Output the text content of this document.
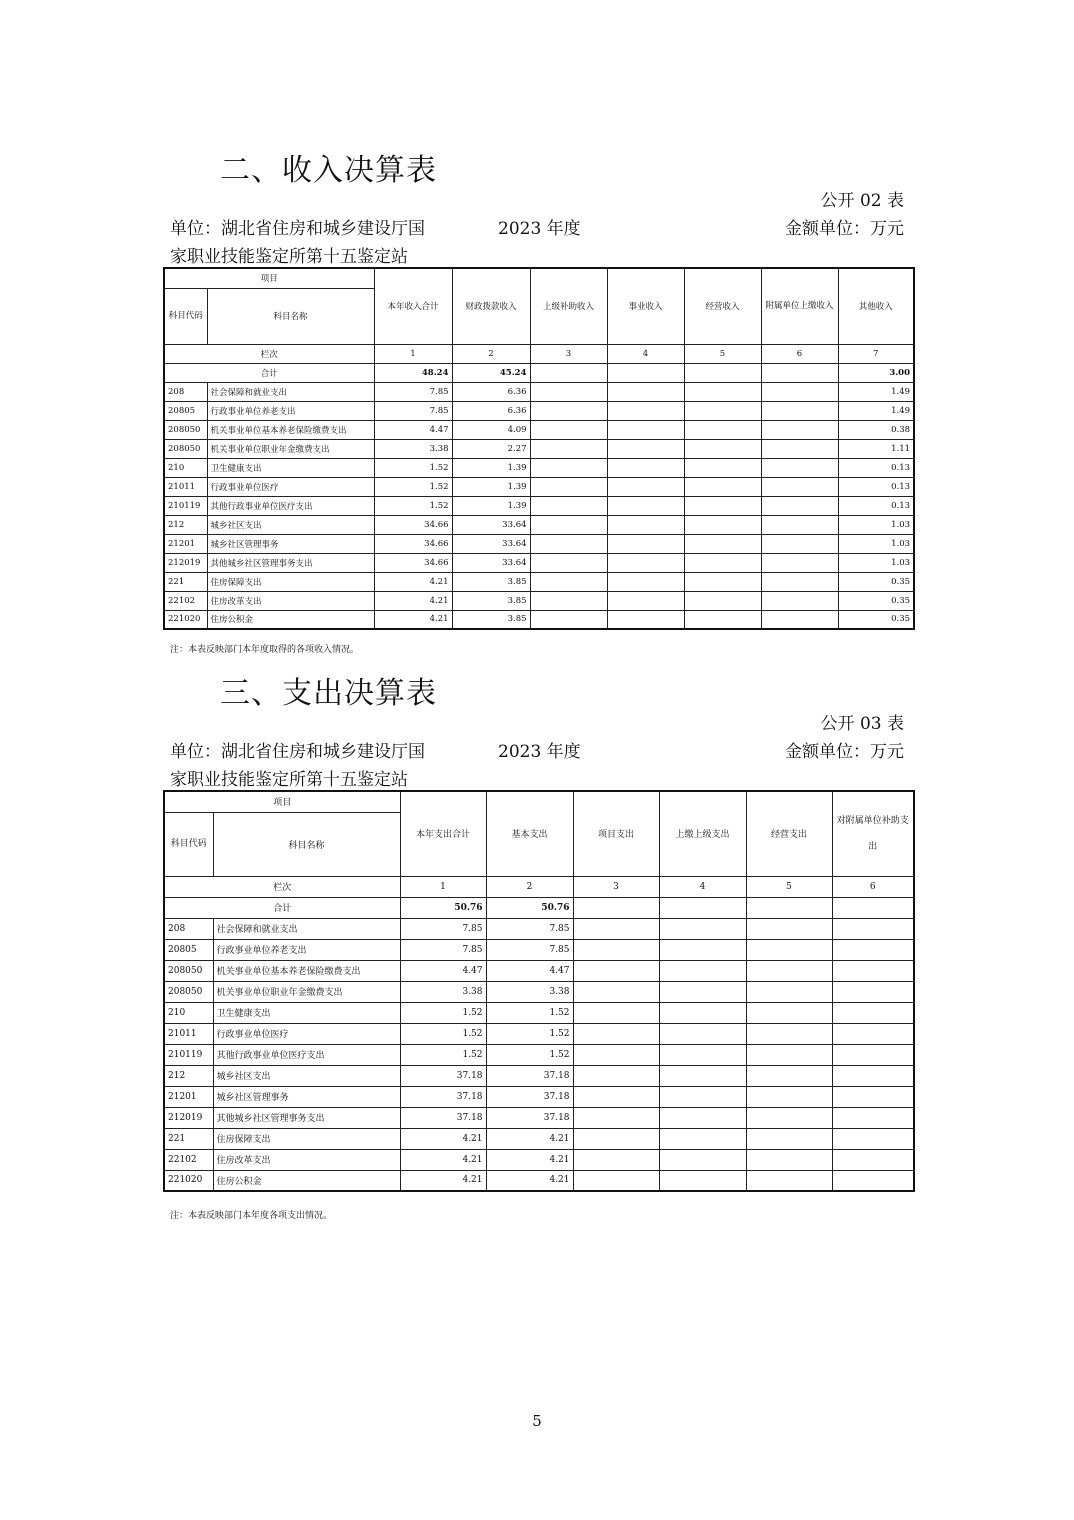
二、收入决算表
公开 02 表
单位：湖北省住房和城乡建设厅国	2023 年度	金额单位：万元
家职业技能鉴定所第十五鉴定站
项目		本年收入合计	财政拨款收入	上级补助收入	事业收入	经营收入	附属单位上缴收入	其他收入
科目代码	科目名称							
栏次		1	2	3	4	5	6	7
合计		48.24	45.24					3.00
208	社会保障和就业支出	7.85	6.36					1.49
20805	行政事业单位养老支出	7.85	6.36					1.49
208050	机关事业单位基本养老保险缴费支出	4.47	4.09					0.38
208050	机关事业单位职业年金缴费支出	3.38	2.27					1.11
210	卫生健康支出	1.52	1.39					0.13
21011	行政事业单位医疗	1.52	1.39					0.13
210119	其他行政事业单位医疗支出	1.52	1.39					0.13
212	城乡社区支出	34.66	33.64					1.03
21201	城乡社区管理事务	34.66	33.64					1.03
212019	其他城乡社区管理事务支出	34.66	33.64					1.03
221	住房保障支出	4.21	3.85					0.35
22102	住房改革支出	4.21	3.85					0.35
221020	住房公积金	4.21	3.85					0.35
注：本表反映部门本年度取得的各项收入情况。
三、支出决算表
公开 03 表
单位：湖北省住房和城乡建设厅国	2023 年度	金额单位：万元
家职业技能鉴定所第十五鉴定站
项目		本年支出合计	基本支出	项目支出	上缴上级支出	经营支出	对附属单位补助支出
科目代码	科目名称						
栏次		1	2	3	4	5	6
合计		50.76	50.76				
208	社会保障和就业支出	7.85	7.85				
20805	行政事业单位养老支出	7.85	7.85				
208050	机关事业单位基本养老保险缴费支出	4.47	4.47				
208050	机关事业单位职业年金缴费支出	3.38	3.38				
210	卫生健康支出	1.52	1.52				
21011	行政事业单位医疗	1.52	1.52				
210119	其他行政事业单位医疗支出	1.52	1.52				
212	城乡社区支出	37.18	37.18				
21201	城乡社区管理事务	37.18	37.18				
212019	其他城乡社区管理事务支出	37.18	37.18				
221	住房保障支出	4.21	4.21				
22102	住房改革支出	4.21	4.21				
221020	住房公积金	4.21	4.21				
注：本表反映部门本年度各项支出情况。
5
